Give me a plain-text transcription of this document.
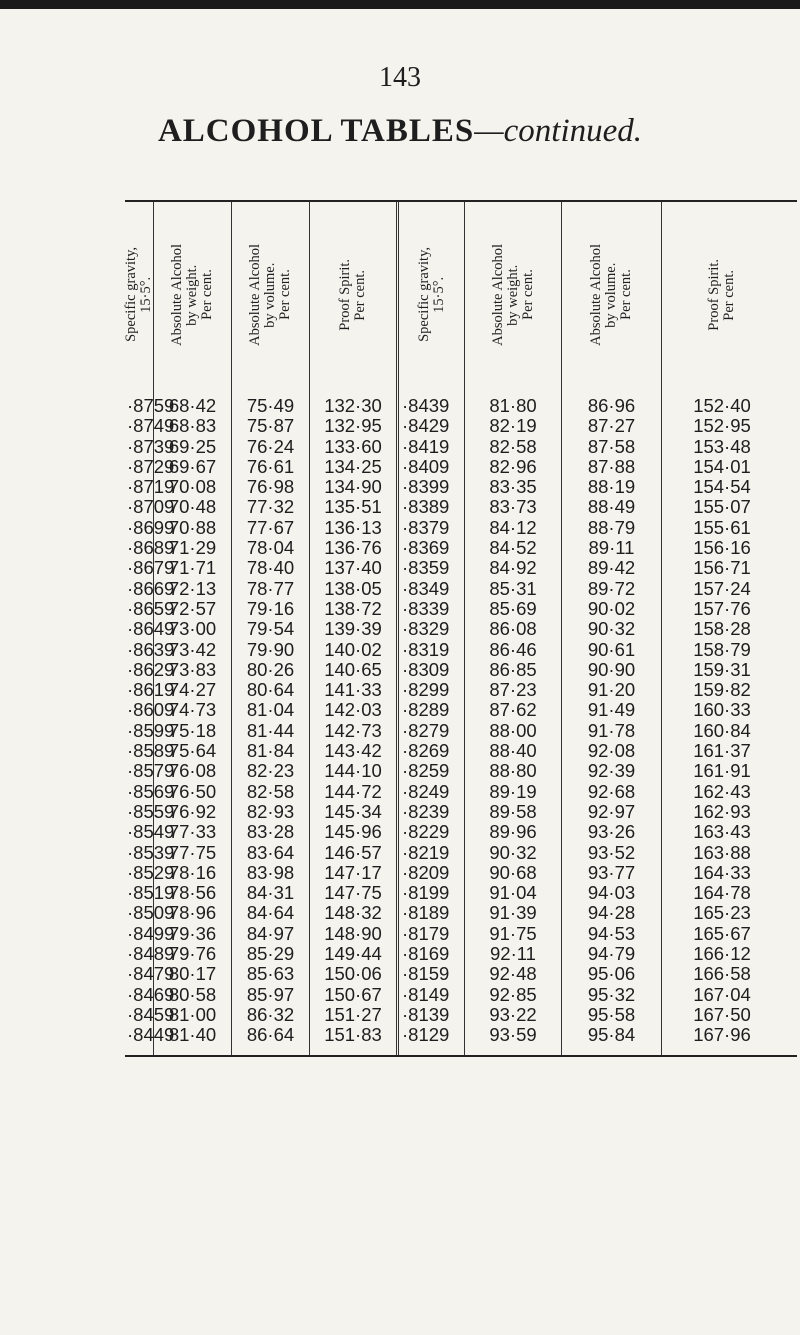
143
ALCOHOL TABLES—continued.
Specific gravity, 15·5°.
·8759
·8749
·8739
·8729
·8719
·8709
·8699
·8689
·8679
·8669
·8659
·8649
·8639
·8629
·8619
·8609
·8599
·8589
·8579
·8569
·8559
·8549
·8539
·8529
·8519
·8509
·8499
·8489
·8479
·8469
·8459
·8449
Absolute Alcohol by weight. Per cent.
68·42
68·83
69·25
69·67
70·08
70·48
70·88
71·29
71·71
72·13
72·57
73·00
73·42
73·83
74·27
74·73
75·18
75·64
76·08
76·50
76·92
77·33
77·75
78·16
78·56
78·96
79·36
79·76
80·17
80·58
81·00
81·40
Absolute Alcohol by volume. Per cent.
75·49
75·87
76·24
76·61
76·98
77·32
77·67
78·04
78·40
78·77
79·16
79·54
79·90
80·26
80·64
81·04
81·44
81·84
82·23
82·58
82·93
83·28
83·64
83·98
84·31
84·64
84·97
85·29
85·63
85·97
86·32
86·64
Proof Spirit. Per cent.
132·30
132·95
133·60
134·25
134·90
135·51
136·13
136·76
137·40
138·05
138·72
139·39
140·02
140·65
141·33
142·03
142·73
143·42
144·10
144·72
145·34
145·96
146·57
147·17
147·75
148·32
148·90
149·44
150·06
150·67
151·27
151·83
Specific gravity, 15·5°.
·8439
·8429
·8419
·8409
·8399
·8389
·8379
·8369
·8359
·8349
·8339
·8329
·8319
·8309
·8299
·8289
·8279
·8269
·8259
·8249
·8239
·8229
·8219
·8209
·8199
·8189
·8179
·8169
·8159
·8149
·8139
·8129
Absolute Alcohol by weight. Per cent.
81·80
82·19
82·58
82·96
83·35
83·73
84·12
84·52
84·92
85·31
85·69
86·08
86·46
86·85
87·23
87·62
88·00
88·40
88·80
89·19
89·58
89·96
90·32
90·68
91·04
91·39
91·75
92·11
92·48
92·85
93·22
93·59
Absolute Alcohol by volume. Per cent.
86·96
87·27
87·58
87·88
88·19
88·49
88·79
89·11
89·42
89·72
90·02
90·32
90·61
90·90
91·20
91·49
91·78
92·08
92·39
92·68
92·97
93·26
93·52
93·77
94·03
94·28
94·53
94·79
95·06
95·32
95·58
95·84
Proof Spirit. Per cent.
152·40
152·95
153·48
154·01
154·54
155·07
155·61
156·16
156·71
157·24
157·76
158·28
158·79
159·31
159·82
160·33
160·84
161·37
161·91
162·43
162·93
163·43
163·88
164·33
164·78
165·23
165·67
166·12
166·58
167·04
167·50
167·96
